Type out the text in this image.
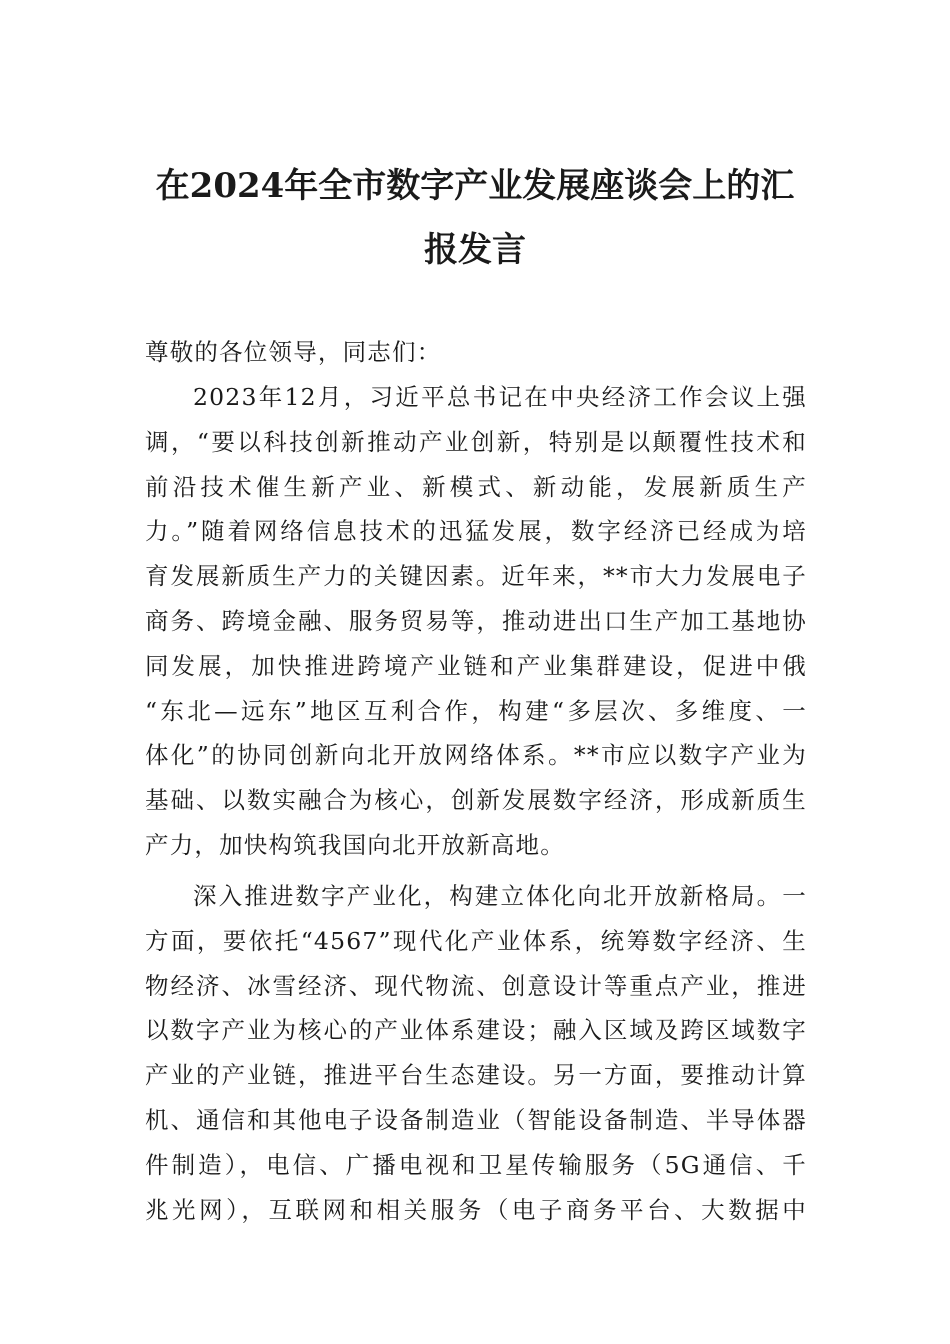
在2024年全市数字产业发展座谈会上的汇
报发言
尊敬的各位领导，同志们：
2023年12月，习近平总书记在中央经济工作会议上强
调，“要以科技创新推动产业创新，特别是以颠覆性技术和
前沿技术催生新产业、新模式、新动能，发展新质生产
力。”随着网络信息技术的迅猛发展，数字经济已经成为培
育发展新质生产力的关键因素。近年来，**市大力发展电子
商务、跨境金融、服务贸易等，推动进出口生产加工基地协
同发展，加快推进跨境产业链和产业集群建设，促进中俄
“东北—远东”地区互利合作，构建“多层次、多维度、一
体化”的协同创新向北开放网络体系。**市应以数字产业为
基础、以数实融合为核心，创新发展数字经济，形成新质生
产力，加快构筑我国向北开放新高地。
深入推进数字产业化，构建立体化向北开放新格局。一
方面，要依托“4567”现代化产业体系，统筹数字经济、生
物经济、冰雪经济、现代物流、创意设计等重点产业，推进
以数字产业为核心的产业体系建设；融入区域及跨区域数字
产业的产业链，推进平台生态建设。另一方面，要推动计算
机、通信和其他电子设备制造业（智能设备制造、半导体器
件制造），电信、广播电视和卫星传输服务（5G通信、千
兆光网），互联网和相关服务（电子商务平台、大数据中
